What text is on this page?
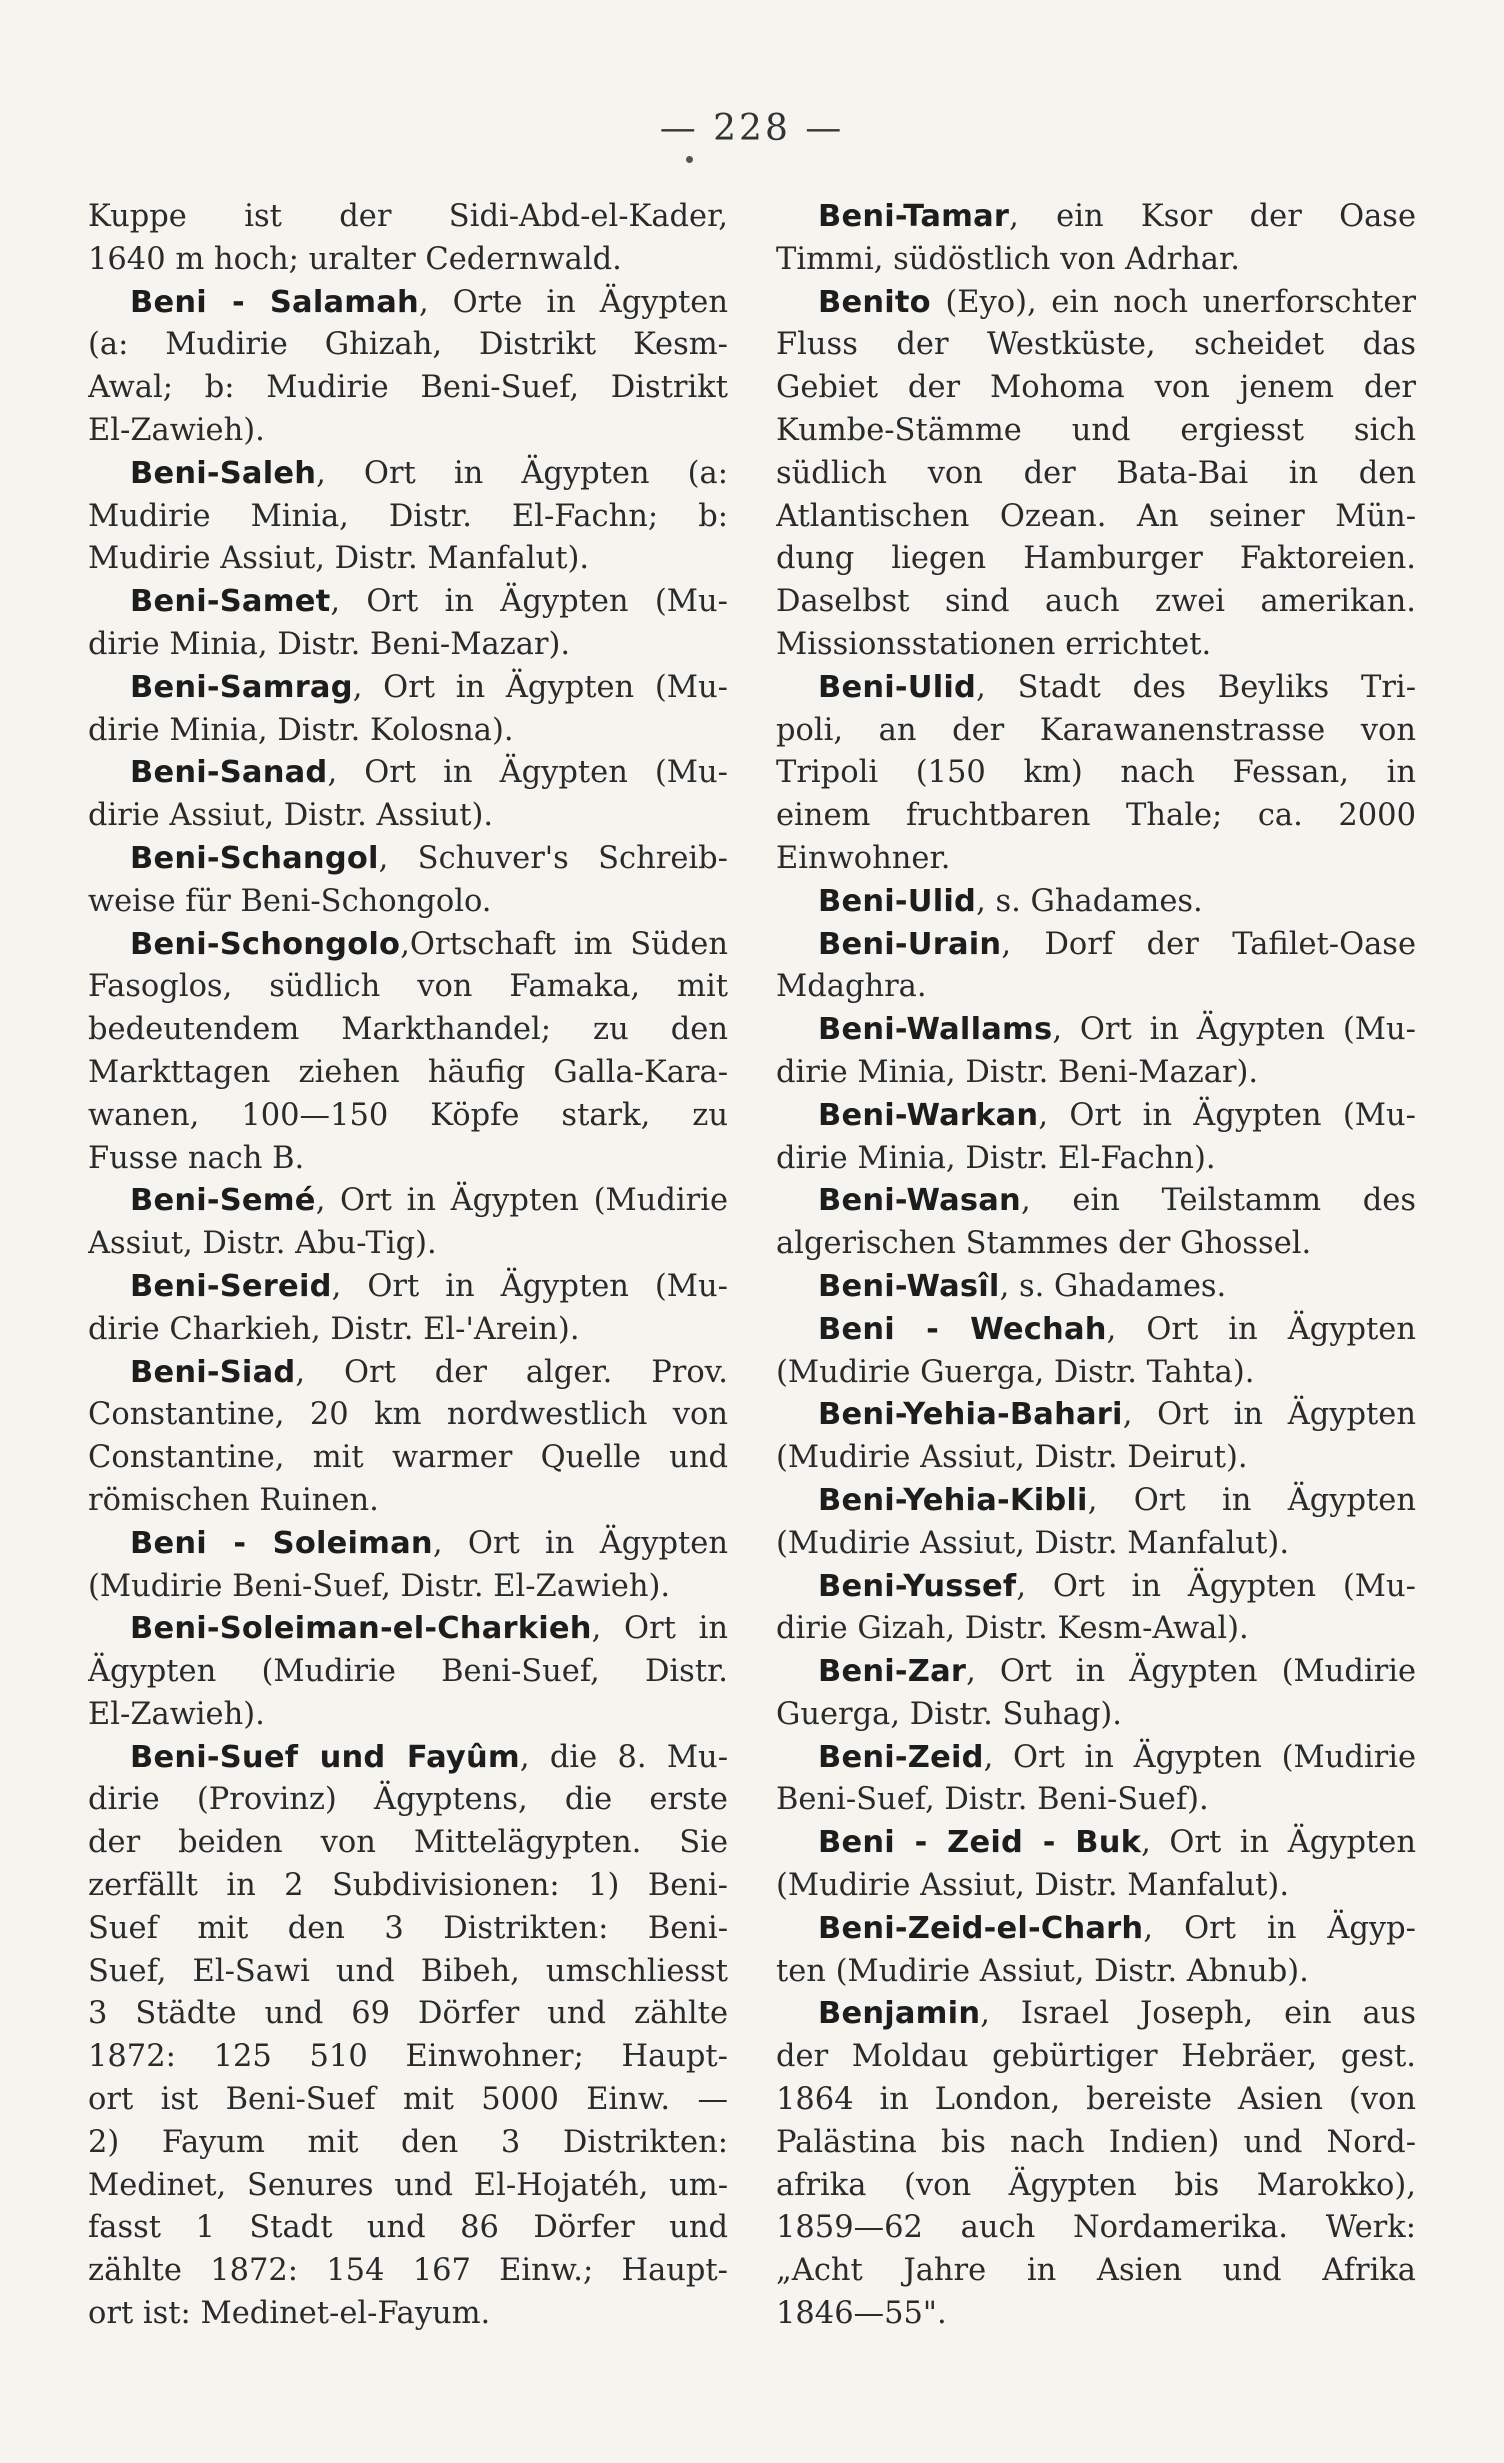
— 228 —
Kuppe ist der Sidi-Abd-el-Kader,
1640 m hoch; uralter Cedernwald.
Beni - Salamah, Orte in Ägypten
(a: Mudirie Ghizah, Distrikt Kesm-
Awal; b: Mudirie Beni-Suef, Distrikt
El-Zawieh).
Beni-Saleh, Ort in Ägypten (a:
Mudirie Minia, Distr. El-Fachn; b:
Mudirie Assiut, Distr. Manfalut).
Beni-Samet, Ort in Ägypten (Mu-
dirie Minia, Distr. Beni-Mazar).
Beni-Samrag, Ort in Ägypten (Mu-
dirie Minia, Distr. Kolosna).
Beni-Sanad, Ort in Ägypten (Mu-
dirie Assiut, Distr. Assiut).
Beni-Schangol, Schuver's Schreib-
weise für Beni-Schongolo.
Beni-Schongolo,Ortschaft im Süden
Fasoglos, südlich von Famaka, mit
bedeutendem Markthandel; zu den
Markttagen ziehen häufig Galla-Kara-
wanen, 100—150 Köpfe stark, zu
Fusse nach B.
Beni-Semé, Ort in Ägypten (Mudirie
Assiut, Distr. Abu-Tig).
Beni-Sereid, Ort in Ägypten (Mu-
dirie Charkieh, Distr. El-'Arein).
Beni-Siad, Ort der alger. Prov.
Constantine, 20 km nordwestlich von
Constantine, mit warmer Quelle und
römischen Ruinen.
Beni - Soleiman, Ort in Ägypten
(Mudirie Beni-Suef, Distr. El-Zawieh).
Beni-Soleiman-el-Charkieh, Ort in
Ägypten (Mudirie Beni-Suef, Distr.
El-Zawieh).
Beni-Suef und Fayûm, die 8. Mu-
dirie (Provinz) Ägyptens, die erste
der beiden von Mittelägypten. Sie
zerfällt in 2 Subdivisionen: 1) Beni-
Suef mit den 3 Distrikten: Beni-
Suef, El-Sawi und Bibeh, umschliesst
3 Städte und 69 Dörfer und zählte
1872: 125 510 Einwohner; Haupt-
ort ist Beni-Suef mit 5000 Einw. —
2) Fayum mit den 3 Distrikten:
Medinet, Senures und El-Hojatéh, um-
fasst 1 Stadt und 86 Dörfer und
zählte 1872: 154 167 Einw.; Haupt-
ort ist: Medinet-el-Fayum.
Beni-Tamar, ein Ksor der Oase
Timmi, südöstlich von Adrhar.
Benito (Eyo), ein noch unerforschter
Fluss der Westküste, scheidet das
Gebiet der Mohoma von jenem der
Kumbe-Stämme und ergiesst sich
südlich von der Bata-Bai in den
Atlantischen Ozean. An seiner Mün-
dung liegen Hamburger Faktoreien.
Daselbst sind auch zwei amerikan.
Missionsstationen errichtet.
Beni-Ulid, Stadt des Beyliks Tri-
poli, an der Karawanenstrasse von
Tripoli (150 km) nach Fessan, in
einem fruchtbaren Thale; ca. 2000
Einwohner.
Beni-Ulid, s. Ghadames.
Beni-Urain, Dorf der Tafilet-Oase
Mdaghra.
Beni-Wallams, Ort in Ägypten (Mu-
dirie Minia, Distr. Beni-Mazar).
Beni-Warkan, Ort in Ägypten (Mu-
dirie Minia, Distr. El-Fachn).
Beni-Wasan, ein Teilstamm des
algerischen Stammes der Ghossel.
Beni-Wasîl, s. Ghadames.
Beni - Wechah, Ort in Ägypten
(Mudirie Guerga, Distr. Tahta).
Beni-Yehia-Bahari, Ort in Ägypten
(Mudirie Assiut, Distr. Deirut).
Beni-Yehia-Kibli, Ort in Ägypten
(Mudirie Assiut, Distr. Manfalut).
Beni-Yussef, Ort in Ägypten (Mu-
dirie Gizah, Distr. Kesm-Awal).
Beni-Zar, Ort in Ägypten (Mudirie
Guerga, Distr. Suhag).
Beni-Zeid, Ort in Ägypten (Mudirie
Beni-Suef, Distr. Beni-Suef).
Beni - Zeid - Buk, Ort in Ägypten
(Mudirie Assiut, Distr. Manfalut).
Beni-Zeid-el-Charh, Ort in Ägyp-
ten (Mudirie Assiut, Distr. Abnub).
Benjamin, Israel Joseph, ein aus
der Moldau gebürtiger Hebräer, gest.
1864 in London, bereiste Asien (von
Palästina bis nach Indien) und Nord-
afrika (von Ägypten bis Marokko),
1859—62 auch Nordamerika. Werk:
„Acht Jahre in Asien und Afrika
1846—55".
